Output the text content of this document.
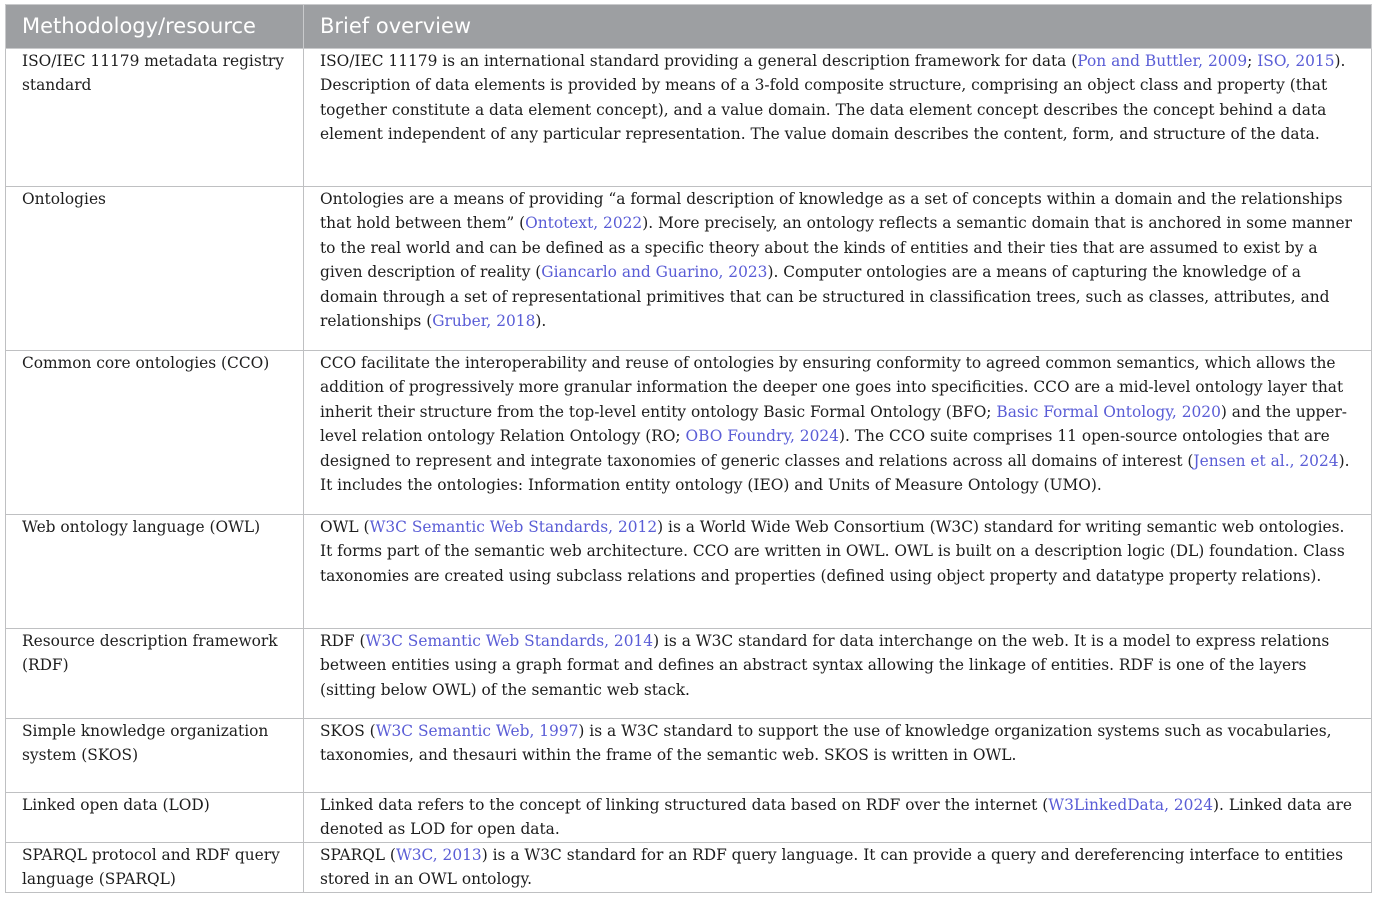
Methodology/resource	Brief overview
ISO/IEC 11179 metadata registry standard	ISO/IEC 11179 is an international standard providing a general description framework for data (Pon and Buttler, 2009; ISO, 2015). Description of data elements is provided by means of a 3-fold composite structure, comprising an object class and property (that together constitute a data element concept), and a value domain. The data element concept describes the concept behind a data element independent of any particular representation. The value domain describes the content, form, and structure of the data.
Ontologies	Ontologies are a means of providing “a formal description of knowledge as a set of concepts within a domain and the relationships that hold between them” (Ontotext, 2022). More precisely, an ontology reflects a semantic domain that is anchored in some manner to the real world and can be defined as a specific theory about the kinds of entities and their ties that are assumed to exist by a given description of reality (Giancarlo and Guarino, 2023). Computer ontologies are a means of capturing the knowledge of a domain through a set of representational primitives that can be structured in classification trees, such as classes, attributes, and relationships (Gruber, 2018).
Common core ontologies (CCO)	CCO facilitate the interoperability and reuse of ontologies by ensuring conformity to agreed common semantics, which allows the addition of progressively more granular information the deeper one goes into specificities. CCO are a mid-level ontology layer that inherit their structure from the top-level entity ontology Basic Formal Ontology (BFO; Basic Formal Ontology, 2020) and the upper-level relation ontology Relation Ontology (RO; OBO Foundry, 2024). The CCO suite comprises 11 open-source ontologies that are designed to represent and integrate taxonomies of generic classes and relations across all domains of interest (Jensen et al., 2024). It includes the ontologies: Information entity ontology (IEO) and Units of Measure Ontology (UMO).
Web ontology language (OWL)	OWL (W3C Semantic Web Standards, 2012) is a World Wide Web Consortium (W3C) standard for writing semantic web ontologies. It forms part of the semantic web architecture. CCO are written in OWL. OWL is built on a description logic (DL) foundation. Class taxonomies are created using subclass relations and properties (defined using object property and datatype property relations).
Resource description framework (RDF)	RDF (W3C Semantic Web Standards, 2014) is a W3C standard for data interchange on the web. It is a model to express relations between entities using a graph format and defines an abstract syntax allowing the linkage of entities. RDF is one of the layers (sitting below OWL) of the semantic web stack.
Simple knowledge organization system (SKOS)	SKOS (W3C Semantic Web, 1997) is a W3C standard to support the use of knowledge organization systems such as vocabularies, taxonomies, and thesauri within the frame of the semantic web. SKOS is written in OWL.
Linked open data (LOD)	Linked data refers to the concept of linking structured data based on RDF over the internet (W3LinkedData, 2024). Linked data are denoted as LOD for open data.
SPARQL protocol and RDF query language (SPARQL)	SPARQL (W3C, 2013) is a W3C standard for an RDF query language. It can provide a query and dereferencing interface to entities stored in an OWL ontology.
